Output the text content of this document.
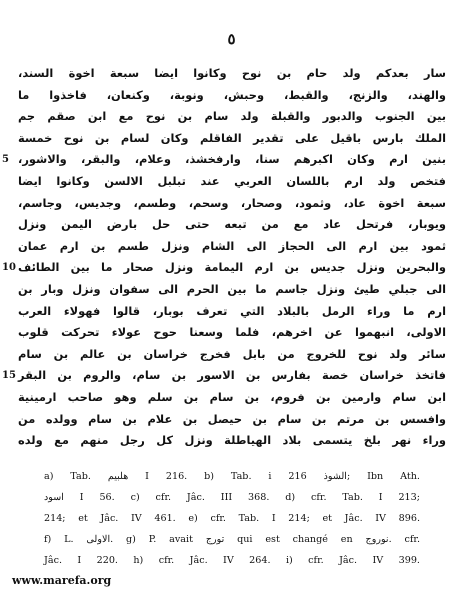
٥
سار بعدكم ولد حام بن نوح وكانوا ايضا سبعة اخوة السند،
والهند، والزنج، والقبط، وحبش، ونوبة، وكنعان، فاخذوا ما
بين الجنوب والدبور والقبلة ولد سام بن نوح مع ابن صقم جم
الملك بارس باقيل على تقدير الفاقلم وكان لسام بن نوح خمسة
بنين ارم وكان اكبرهم سنا، وارفخشذ، وعلام، والبقر، والاشور،
5
فتخص ولد ارم باللسان العربي عند تبلبل الالسن وكانوا ايضا
سبعة اخوة عاد، وثمود، وصحار، وسحم، وطسم، وجديس، وجاسم،
ويوبار، فرتحل عاد مع من تبعه حتى حل بارض اليمن ونزل
ثمود بين ارم الى الحجاز الى الشام ونزل طسم بن ارم عمان
والبحرين ونزل جديس بن ارم اليمامة ونزل صحار ما بين الطائف
10
الى جبلي طيئ ونزل جاسم ما بين الحرم الى سفوان ونزل وبار بن
ارم ما وراء الرمل بالبلاد التي تعرف بوبار، قالوا فهولاء العرب
الاولى، انبهموا عن اخرهم، فلما وسعنا حوح عولاء تحركت قلوب
سائر ولد نوح للخروج من بابل فخرج خراسان بن عالم بن سام
فاتخذ خراسان خصة بفارس بن الاسور بن سام، والروم بن البقر
15
ابن سام وارمين بن فروم، بن سام بن سلم وهو صاحب ارمينية
وافسس بن مرتم بن سام بن حيصل بن علام بن سام وولده من
وراء نهر بلخ يتسمى بلاد الهياطلة ونزل كل رجل منهم مع ولده
a) Tab. هلبيم I 216. b) Tab. i الشوذ 216; Ibn Ath.
اسود I 56. c) cfr. Jâc. III 368. d) cfr. Tab. I 213;
214; et Jâc. IV 461. e) cfr. Tab. I 214; et Jâc. IV 896.
f) L. الاولى. g) P. avait تورج qui est changé en نوروج. cfr.
Jâc. I 220. h) cfr. Jâc. IV 264. i) cfr. Jâc. IV 399.
www.marefa.org
